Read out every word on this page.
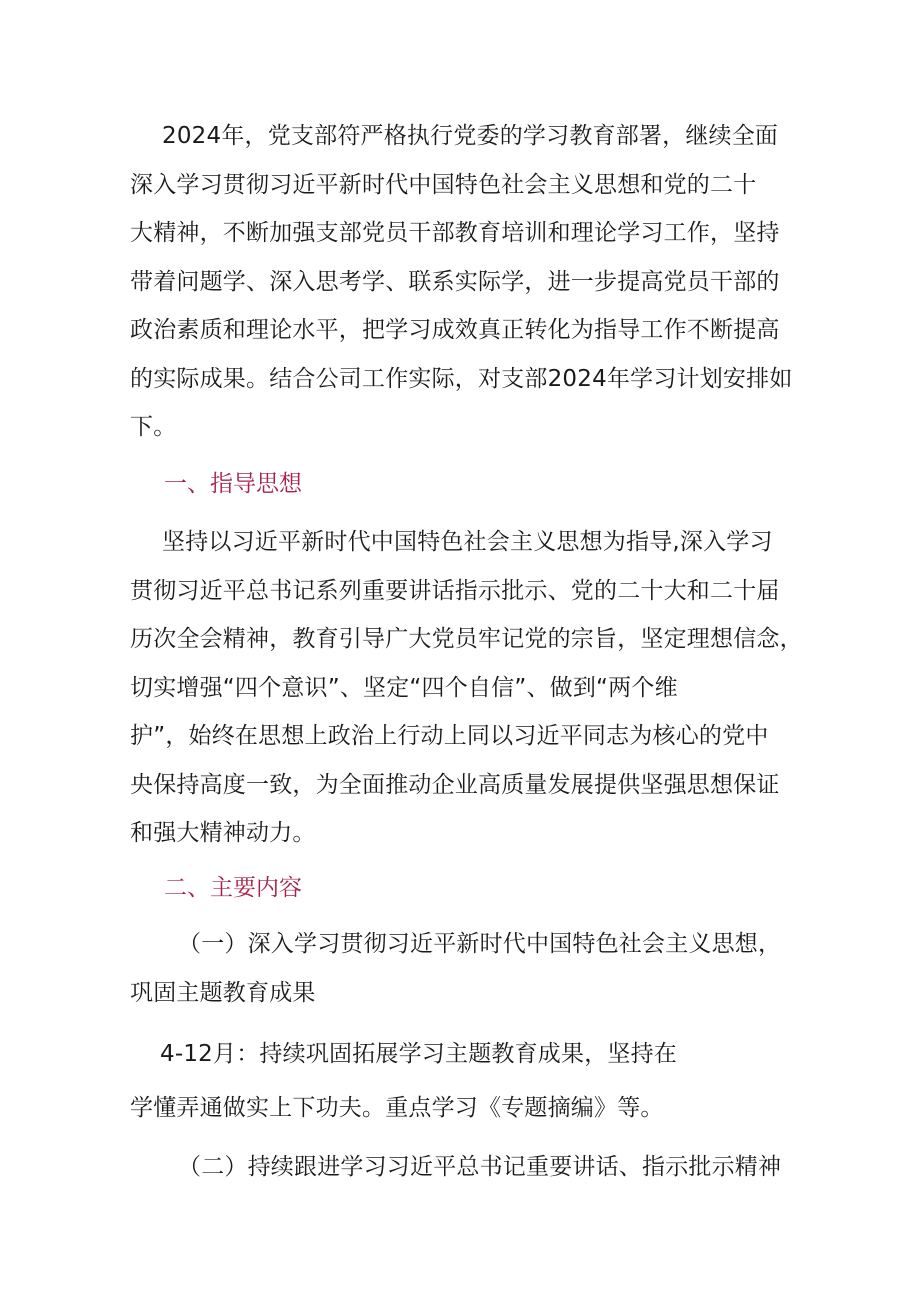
2024年，党支部符严格执行党委的学习教育部署，继续全面
深入学习贯彻习近平新时代中国特色社会主义思想和党的二十
大精神，不断加强支部党员干部教育培训和理论学习工作，坚持
带着问题学、深入思考学、联系实际学，进一步提高党员干部的
政治素质和理论水平，把学习成效真正转化为指导工作不断提高
的实际成果。结合公司工作实际，对支部2024年学习计划安排如
下。
一、指导思想
坚持以习近平新时代中国特色社会主义思想为指导,深入学习
贯彻习近平总书记系列重要讲话指示批示、党的二十大和二十届
历次全会精神，教育引导广大党员牢记党的宗旨，坚定理想信念，
切实增强“四个意识”、坚定“四个自信”、做到“两个维
护”，始终在思想上政治上行动上同以习近平同志为核心的党中
央保持高度一致，为全面推动企业高质量发展提供坚强思想保证
和强大精神动力。
二、主要内容
（一）深入学习贯彻习近平新时代中国特色社会主义思想，
巩固主题教育成果
4-12月：持续巩固拓展学习主题教育成果，坚持在
学懂弄通做实上下功夫。重点学习《专题摘编》等。
（二）持续跟进学习习近平总书记重要讲话、指示批示精神
